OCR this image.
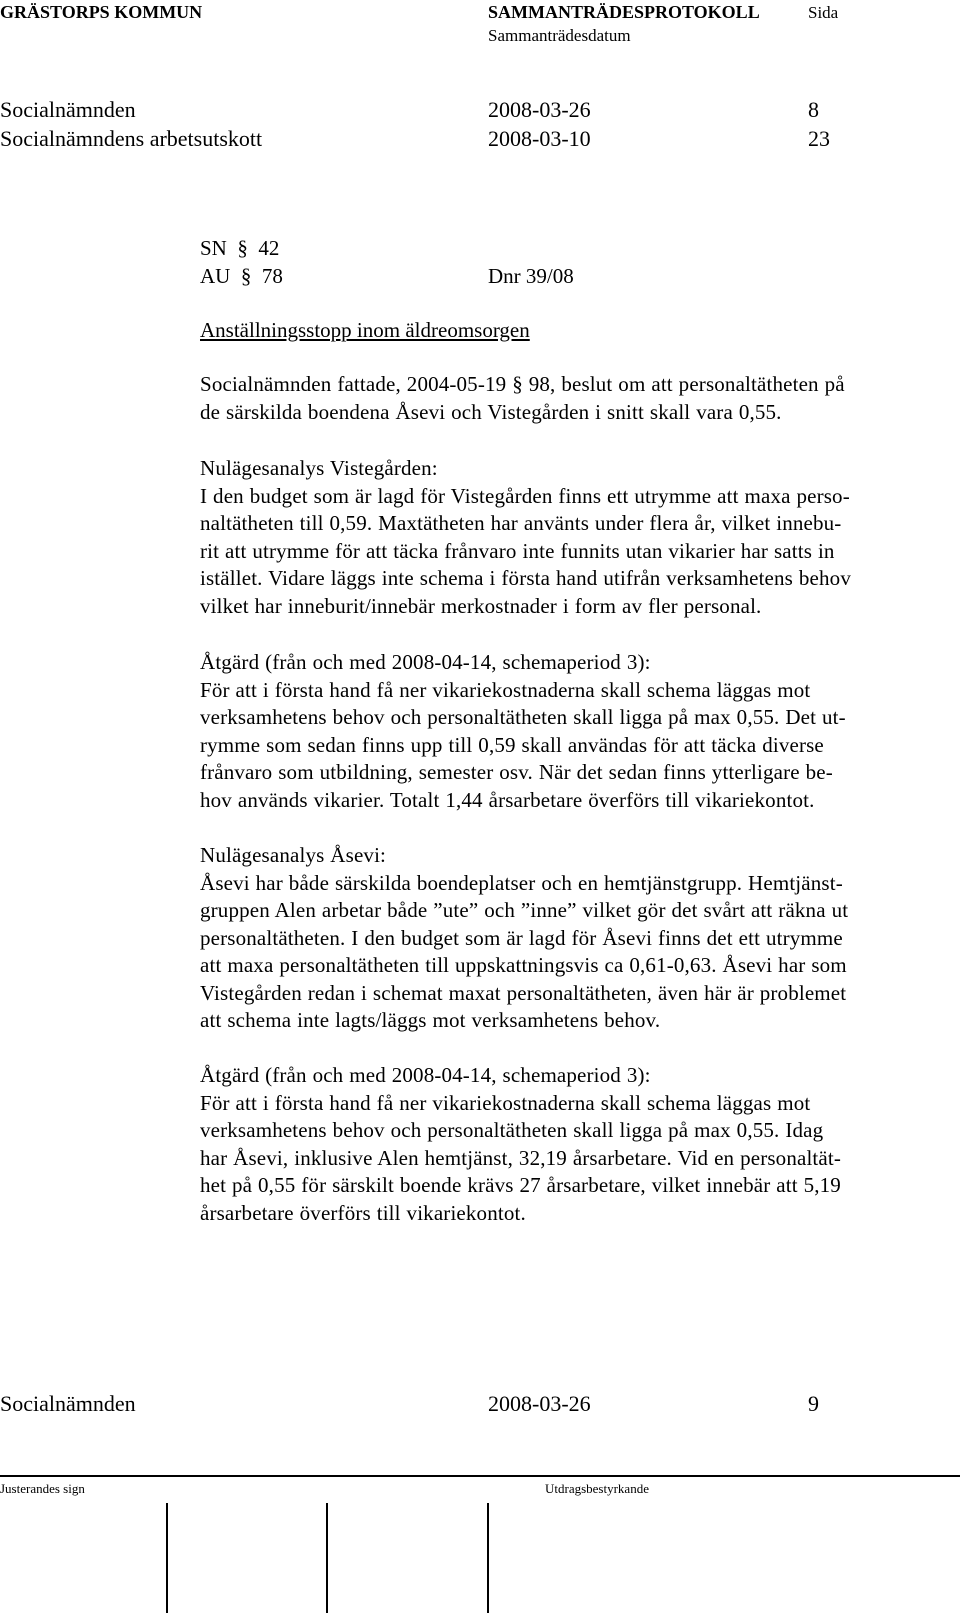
GRÄSTORPS KOMMUN	SAMMANTRÄDESPROTOKOLL
Sammanträdesdatum
Sida
Socialnämnden	2008-03-26	8
Socialnämndens arbetsutskott	2008-03-10	23
SN § 42
AU § 78	Dnr 39/08
Anställningsstopp inom äldreomsorgen
Socialnämnden fattade, 2004-05-19 § 98, beslut om att personaltätheten på
de särskilda boendena Åsevi och Vistegården i snitt skall vara 0,55.
Nulägesanalys Vistegården:
I den budget som är lagd för Vistegården finns ett utrymme att maxa perso-
naltätheten till 0,59. Maxtätheten har använts under flera år, vilket innebu-
rit att utrymme för att täcka frånvaro inte funnits utan vikarier har satts in
istället. Vidare läggs inte schema i första hand utifrån verksamhetens behov
vilket har inneburit/innebär merkostnader i form av fler personal.
Åtgärd (från och med 2008-04-14, schemaperiod 3):
För att i första hand få ner vikariekostnaderna skall schema läggas mot
verksamhetens behov och personaltätheten skall ligga på max 0,55. Det ut-
rymme som sedan finns upp till 0,59 skall användas för att täcka diverse
frånvaro som utbildning, semester osv. När det sedan finns ytterligare be-
hov används vikarier. Totalt 1,44 årsarbetare överförs till vikariekontot.
Nulägesanalys Åsevi:
Åsevi har både särskilda boendeplatser och en hemtjänstgrupp. Hemtjänst-
gruppen Alen arbetar både ”ute” och ”inne” vilket gör det svårt att räkna ut
personaltätheten. I den budget som är lagd för Åsevi finns det ett utrymme
att maxa personaltätheten till uppskattningsvis ca 0,61-0,63. Åsevi har som
Vistegården redan i schemat maxat personaltätheten, även här är problemet
att schema inte lagts/läggs mot verksamhetens behov.
Åtgärd (från och med 2008-04-14, schemaperiod 3):
För att i första hand få ner vikariekostnaderna skall schema läggas mot
verksamhetens behov och personaltätheten skall ligga på max 0,55. Idag
har Åsevi, inklusive Alen hemtjänst, 32,19 årsarbetare. Vid en personaltät-
het på 0,55 för särskilt boende krävs 27 årsarbetare, vilket innebär att 5,19
årsarbetare överförs till vikariekontot.
Socialnämnden	2008-03-26	9
Justerandes sign	Utdragsbestyrkande
